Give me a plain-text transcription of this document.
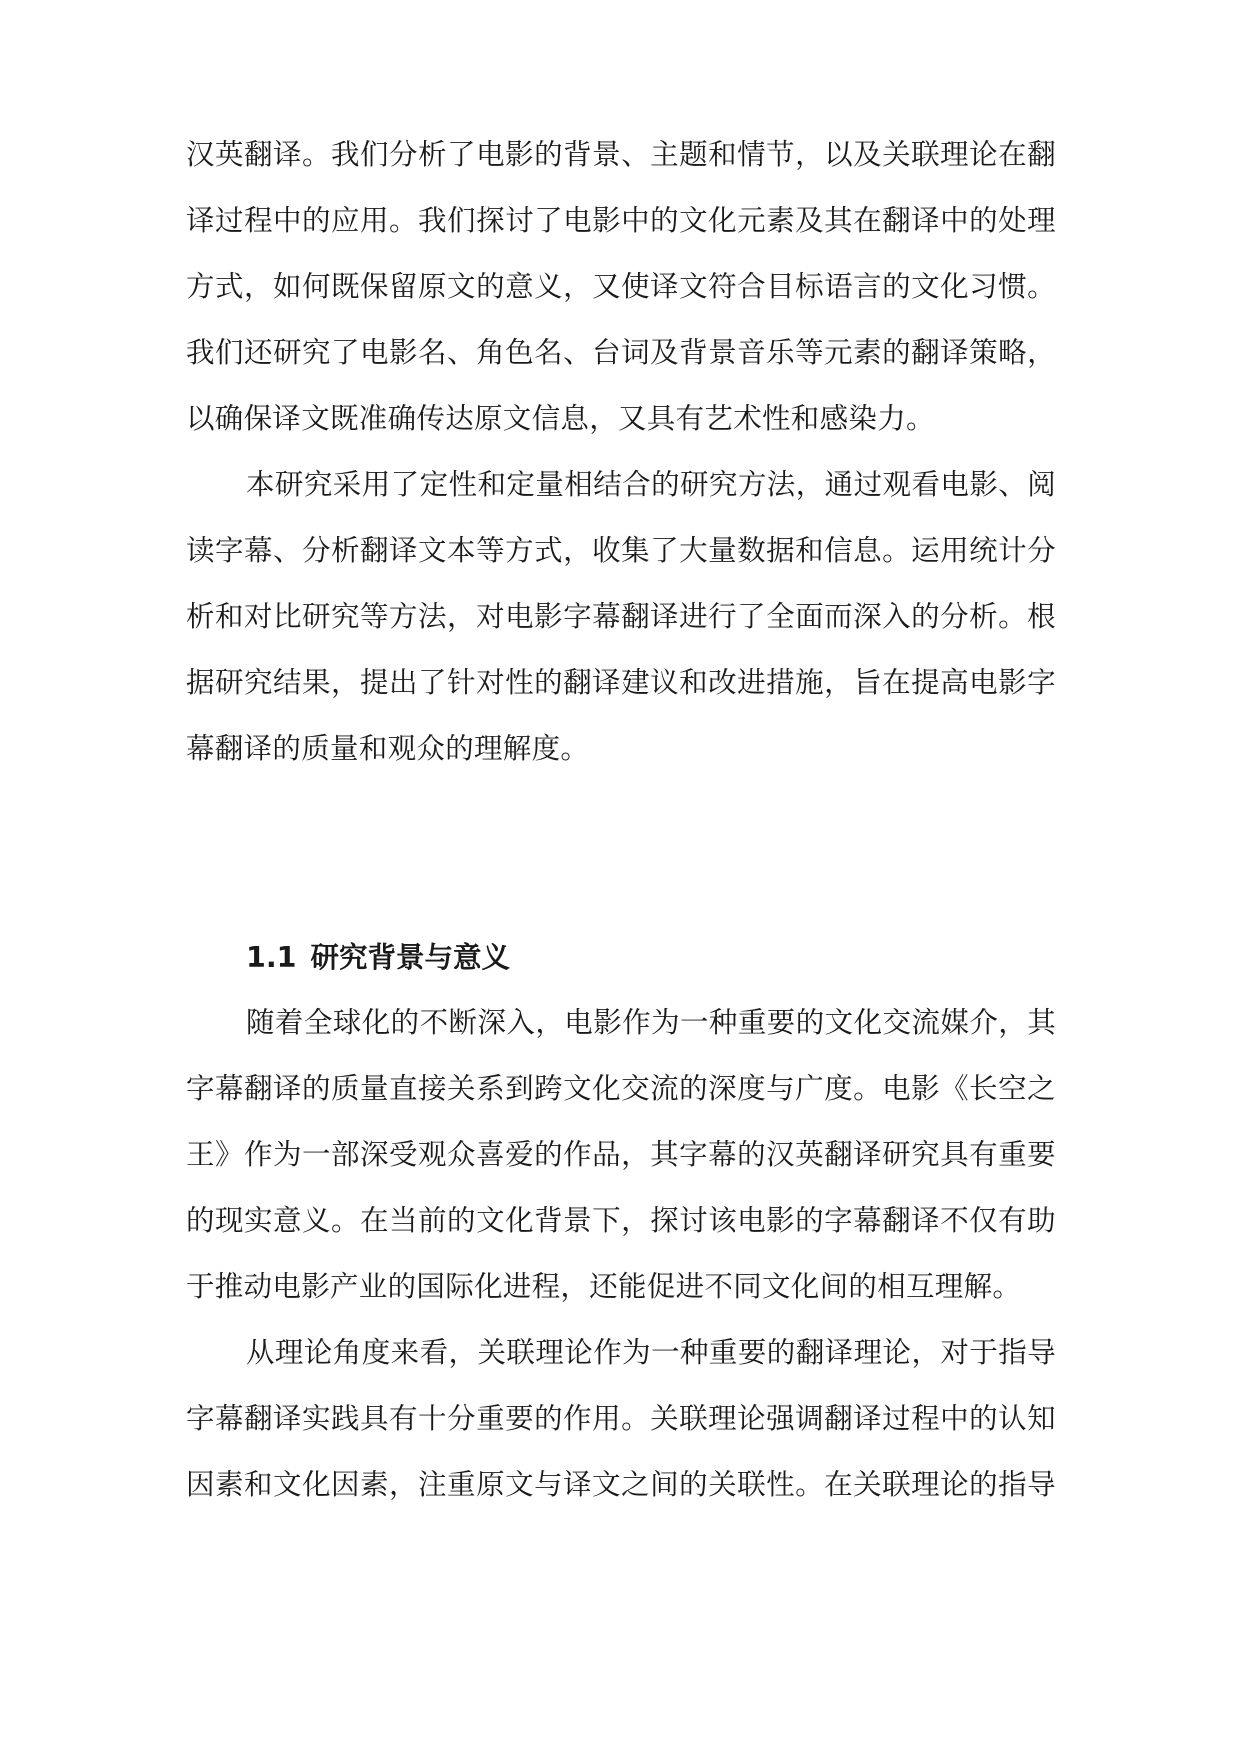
汉英翻译。我们分析了电影的背景、主题和情节，以及关联理论在翻
译过程中的应用。我们探讨了电影中的文化元素及其在翻译中的处理
方式，如何既保留原文的意义，又使译文符合目标语言的文化习惯。
我们还研究了电影名、角色名、台词及背景音乐等元素的翻译策略，
以确保译文既准确传达原文信息，又具有艺术性和感染力。
本研究采用了定性和定量相结合的研究方法，通过观看电影、阅
读字幕、分析翻译文本等方式，收集了大量数据和信息。运用统计分
析和对比研究等方法，对电影字幕翻译进行了全面而深入的分析。根
据研究结果，提出了针对性的翻译建议和改进措施，旨在提高电影字
幕翻译的质量和观众的理解度。
1.1 研究背景与意义
随着全球化的不断深入，电影作为一种重要的文化交流媒介，其
字幕翻译的质量直接关系到跨文化交流的深度与广度。电影《长空之
王》作为一部深受观众喜爱的作品，其字幕的汉英翻译研究具有重要
的现实意义。在当前的文化背景下，探讨该电影的字幕翻译不仅有助
于推动电影产业的国际化进程，还能促进不同文化间的相互理解。
从理论角度来看，关联理论作为一种重要的翻译理论，对于指导
字幕翻译实践具有十分重要的作用。关联理论强调翻译过程中的认知
因素和文化因素，注重原文与译文之间的关联性。在关联理论的指导
